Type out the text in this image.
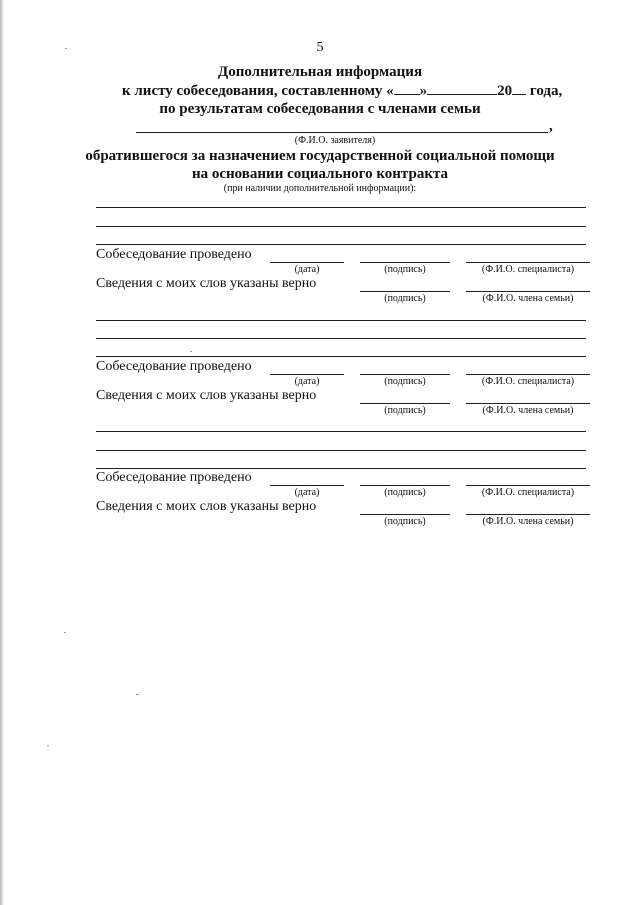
5
Дополнительная информация
к листу собеседования, составленному « »	20 года,
по результатам собеседования с членами семьи
,
(Ф.И.О. заявителя)
обратившегося за назначением государственной социальной помощи
на основании социального контракта
(при наличии дополнительной информации):
Собеседование проведено
(дата)	(подпись)	(Ф.И.О. специалиста)
Сведения с моих слов указаны верно
(подпись)	(Ф.И.О. члена семьи)
Собеседование проведено
(дата)	(подпись)	(Ф.И.О. специалиста)
Сведения с моих слов указаны верно
(подпись)	(Ф.И.О. члена семьи)
Собеседование проведено
(дата)	(подпись)	(Ф.И.О. специалиста)
Сведения с моих слов указаны верно
(подпись)	(Ф.И.О. члена семьи)
